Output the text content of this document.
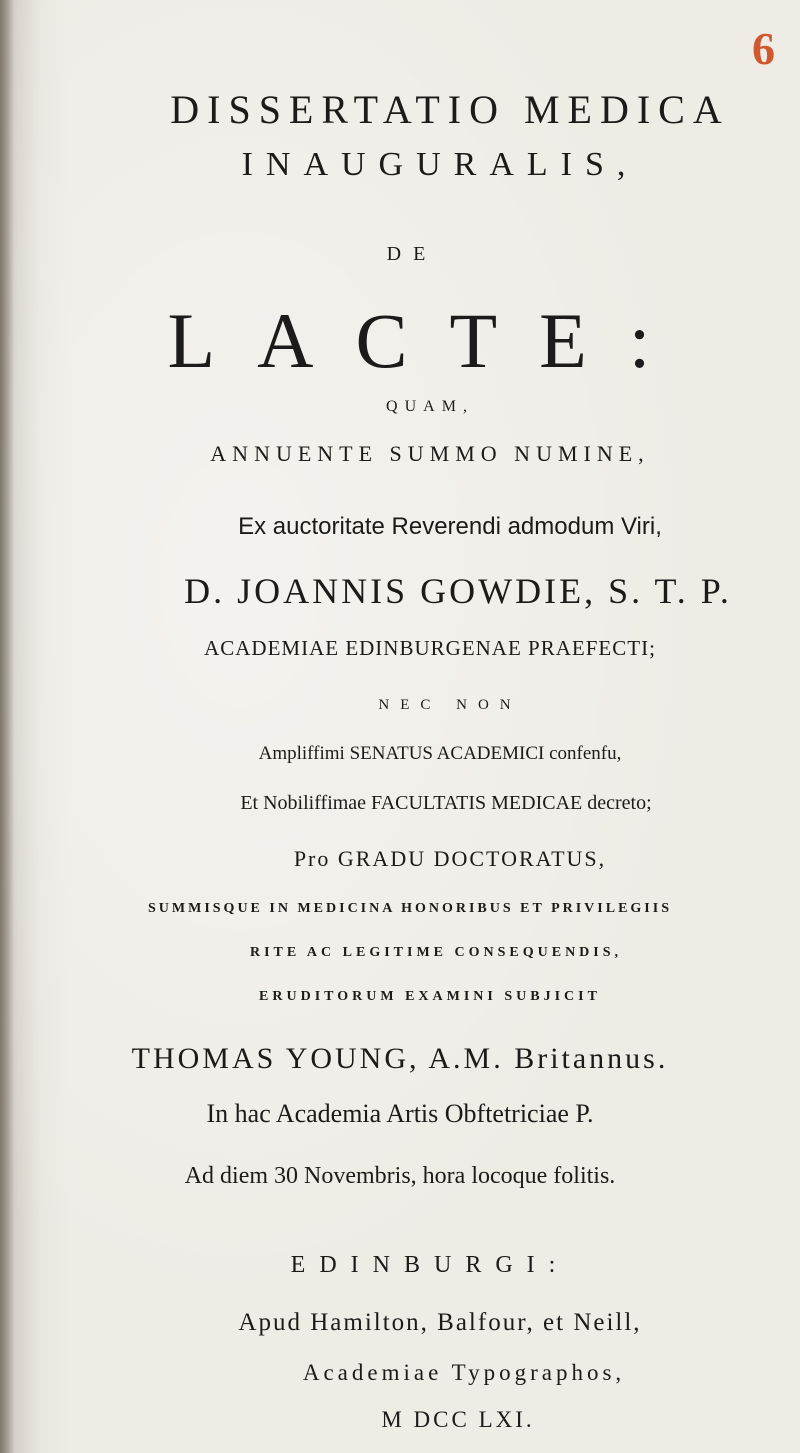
6
DISSERTATIO MEDICA
INAUGURALIS,
DE
LACTE:
QUAM,
ANNUENTE SUMMO NUMINE,
Ex auctoritate Reverendi admodum Viri,
D. JOANNIS GOWDIE, S. T. P.
ACADEMIAE EDINBURGENAE PRAEFECTI;
NEC NON
Ampliffimi SENATUS ACADEMICI confenfu,
Et Nobiliffimae FACULTATIS MEDICAE decreto;
Pro GRADU DOCTORATUS,
SUMMISQUE IN MEDICINA HONORIBUS ET PRIVILEGIIS
RITE AC LEGITIME CONSEQUENDIS,
ERUDITORUM EXAMINI SUBJICIT
THOMAS YOUNG, A.M. Britannus.
In hac Academia Artis Obftetriciae P.
Ad diem 30 Novembris, hora locoque folitis.
EDINBURGI:
Apud Hamilton, Balfour, et Neill,
Academiae Typographos,
M DCC LXI.
